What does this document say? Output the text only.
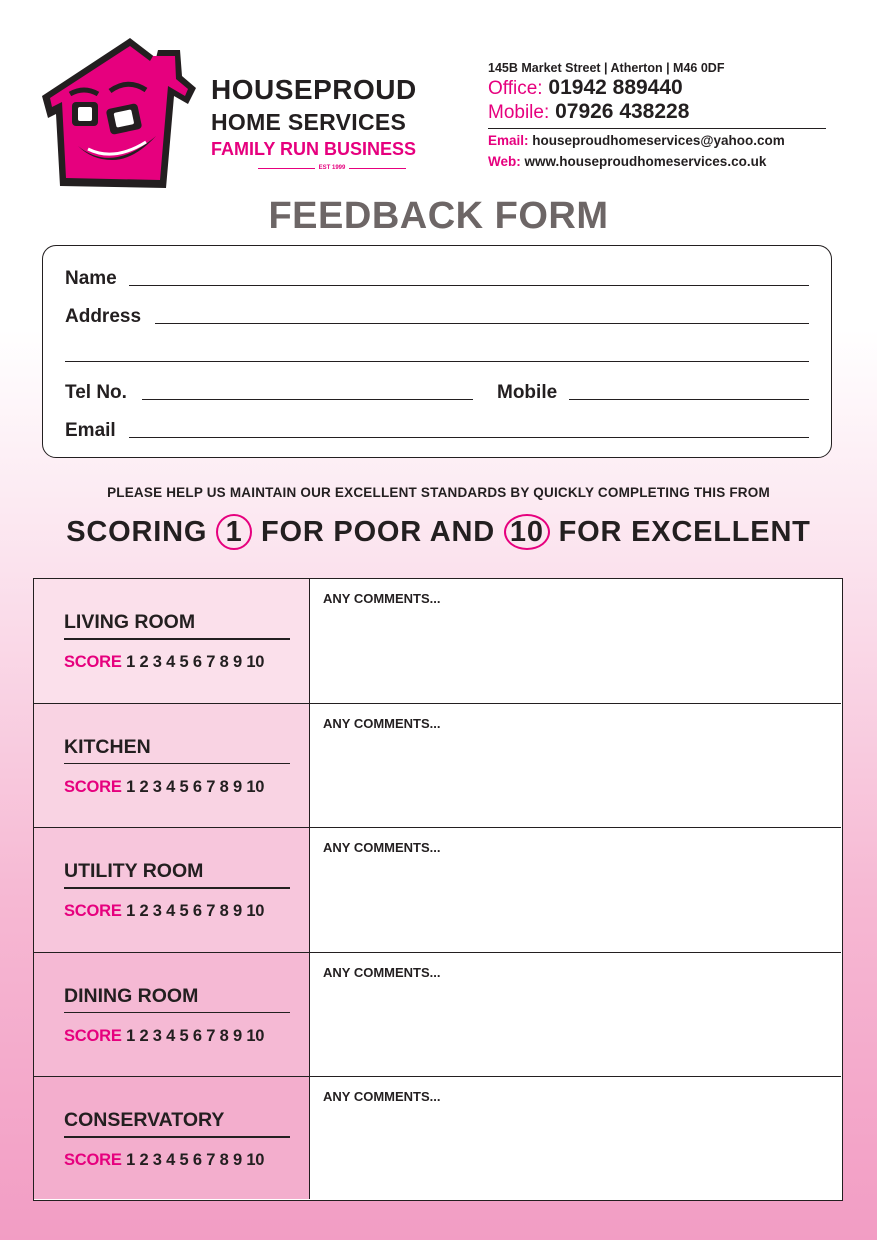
HOUSEPROUD
HOME SERVICES
FAMILY RUN BUSINESS
EST 1999
145B Market Street | Atherton | M46 0DF
Office: 01942 889440
Mobile: 07926 438228
Email: houseproudhomeservices@yahoo.com
Web: www.houseproudhomeservices.co.uk
FEEDBACK FORM
Name
Address
Tel No.	Mobile
Email
PLEASE HELP US MAINTAIN OUR EXCELLENT STANDARDS BY QUICKLY COMPLETING THIS FROM
SCORING 1 FOR POOR AND 10 FOR EXCELLENT
LIVING ROOM
SCORE 1 2 3 4 5 6 7 8 9 10
ANY COMMENTS...
KITCHEN
SCORE 1 2 3 4 5 6 7 8 9 10
ANY COMMENTS...
UTILITY ROOM
SCORE 1 2 3 4 5 6 7 8 9 10
ANY COMMENTS...
DINING ROOM
SCORE 1 2 3 4 5 6 7 8 9 10
ANY COMMENTS...
CONSERVATORY
SCORE 1 2 3 4 5 6 7 8 9 10
ANY COMMENTS...
